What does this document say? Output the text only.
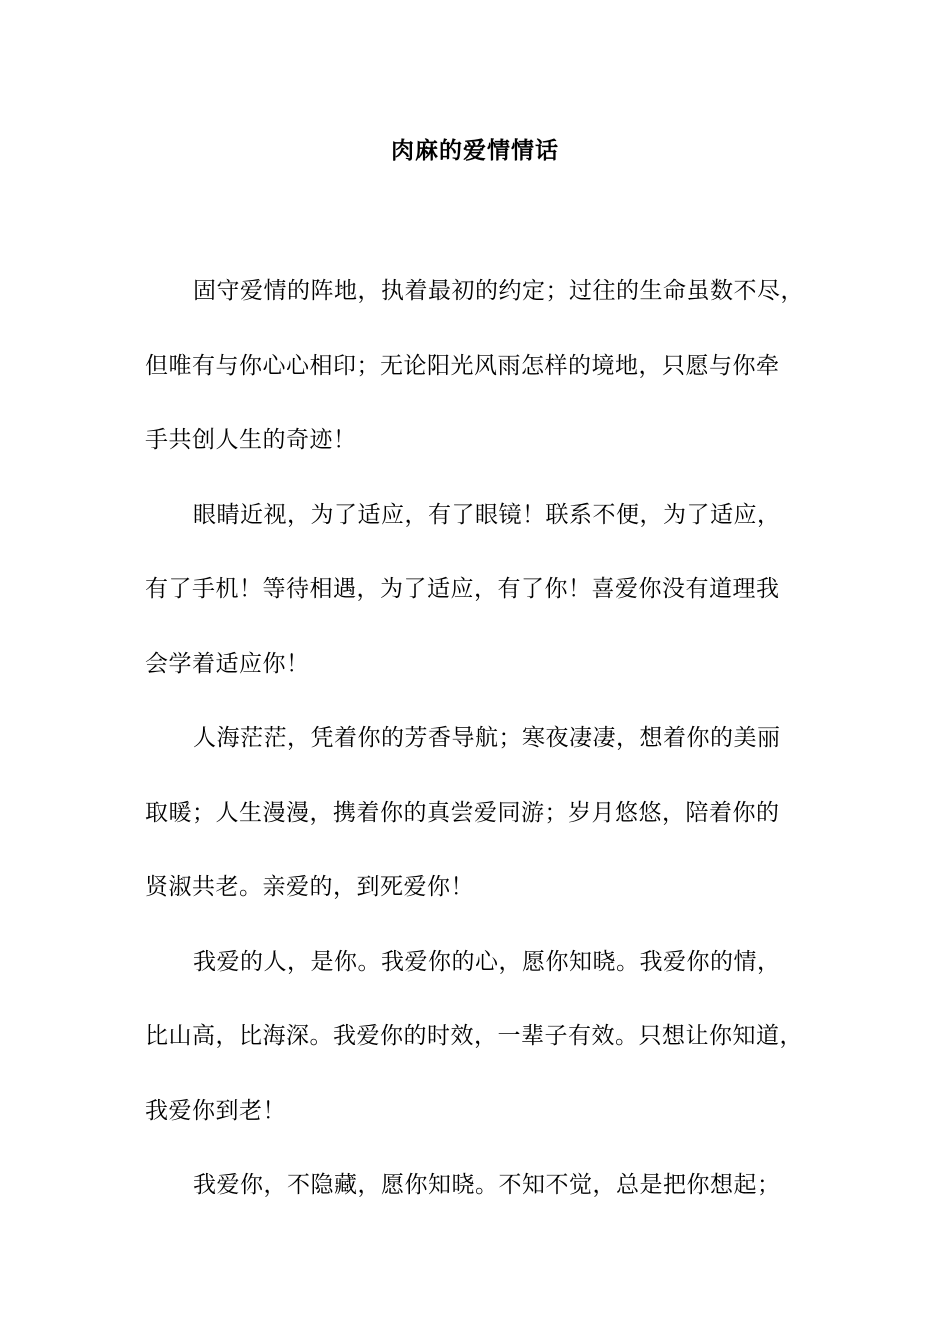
肉麻的爱情情话
固守爱情的阵地，执着最初的约定；过往的生命虽数不尽，
但唯有与你心心相印；无论阳光风雨怎样的境地，只愿与你牵
手共创人生的奇迹！
眼睛近视，为了适应，有了眼镜！联系不便，为了适应，
有了手机！等待相遇，为了适应，有了你！喜爱你没有道理我
会学着适应你！
人海茫茫，凭着你的芳香导航；寒夜凄凄，想着你的美丽
取暖；人生漫漫，携着你的真尝爱同游；岁月悠悠，陪着你的
贤淑共老。亲爱的，到死爱你！
我爱的人，是你。我爱你的心，愿你知晓。我爱你的情，
比山高，比海深。我爱你的时效，一辈子有效。只想让你知道，
我爱你到老！
我爱你，不隐藏，愿你知晓。不知不觉，总是把你想起；
